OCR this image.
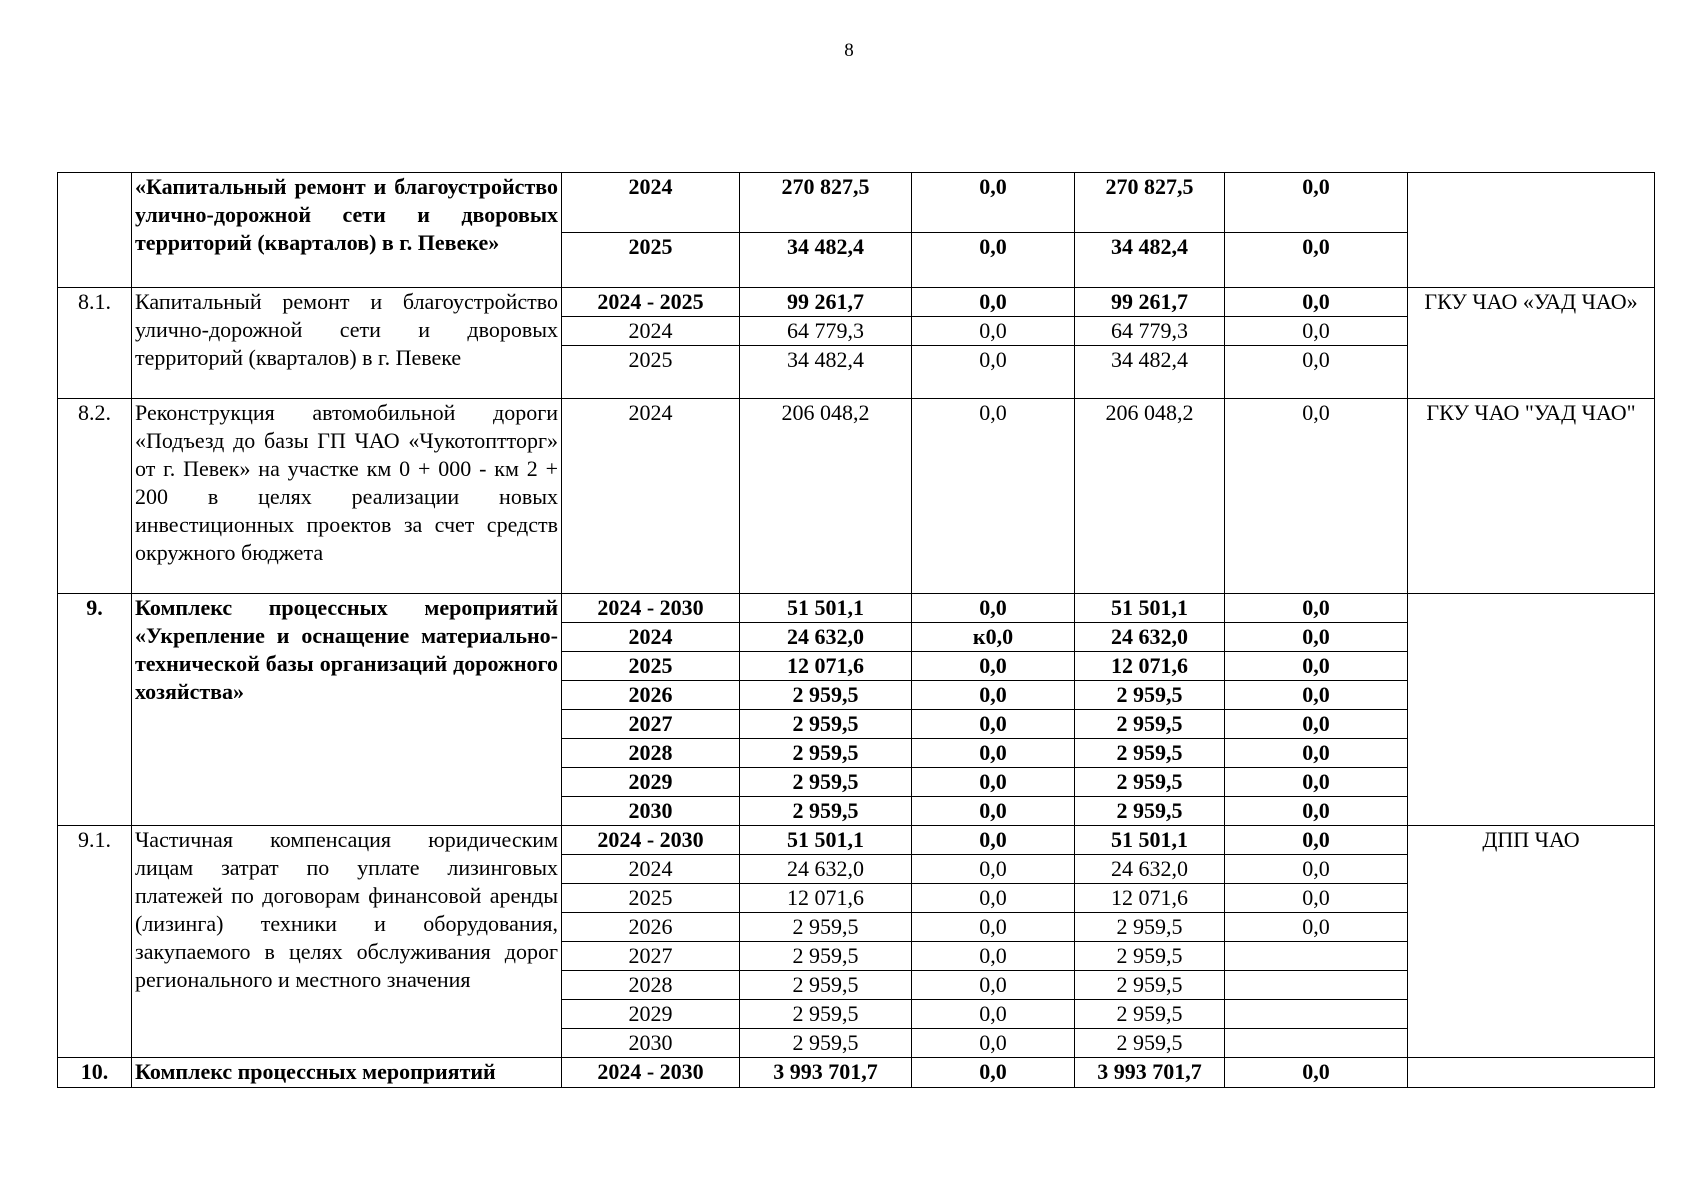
8
	«Капитальный ремонт и благоустройство улично-дорожной сети и дворовых территорий (кварталов) в г. Певеке»	2024	270 827,5	0,0	270 827,5	0,0	
		2025	34 482,4	0,0	34 482,4	0,0	
8.1.	Капитальный ремонт и благоустройство улично-дорожной сети и дворовых территорий (кварталов) в г. Певеке	2024 - 2025	99 261,7	0,0	99 261,7	0,0	ГКУ ЧАО «УАД ЧАО»
		2024	64 779,3	0,0	64 779,3	0,0	
		2025	34 482,4	0,0	34 482,4	0,0	
8.2.	Реконструкция автомобильной дороги «Подъезд до базы ГП ЧАО «Чукотоптторг» от г. Певек» на участке км 0 + 000 - км 2 + 200 в целях реализации новых инвестиционных проектов за счет средств окружного бюджета	2024	206 048,2	0,0	206 048,2	0,0	ГКУ ЧАО "УАД ЧАО"
9.	Комплекс процессных мероприятий «Укрепление и оснащение материально-технической базы организаций дорожного хозяйства»	2024 - 2030	51 501,1	0,0	51 501,1	0,0	
		2024	24 632,0	к0,0	24 632,0	0,0	
		2025	12 071,6	0,0	12 071,6	0,0	
		2026	2 959,5	0,0	2 959,5	0,0	
		2027	2 959,5	0,0	2 959,5	0,0	
		2028	2 959,5	0,0	2 959,5	0,0	
		2029	2 959,5	0,0	2 959,5	0,0	
		2030	2 959,5	0,0	2 959,5	0,0	
9.1.	Частичная компенсация юридическим лицам затрат по уплате лизинговых платежей по договорам финансовой аренды (лизинга) техники и оборудования, закупаемого в целях обслуживания дорог регионального и местного значения	2024 - 2030	51 501,1	0,0	51 501,1	0,0	ДПП ЧАО
		2024	24 632,0	0,0	24 632,0	0,0	
		2025	12 071,6	0,0	12 071,6	0,0	
		2026	2 959,5	0,0	2 959,5	0,0	
		2027	2 959,5	0,0	2 959,5		
		2028	2 959,5	0,0	2 959,5		
		2029	2 959,5	0,0	2 959,5		
		2030	2 959,5	0,0	2 959,5		
10.	Комплекс процессных мероприятий	2024 - 2030	3 993 701,7	0,0	3 993 701,7	0,0	
